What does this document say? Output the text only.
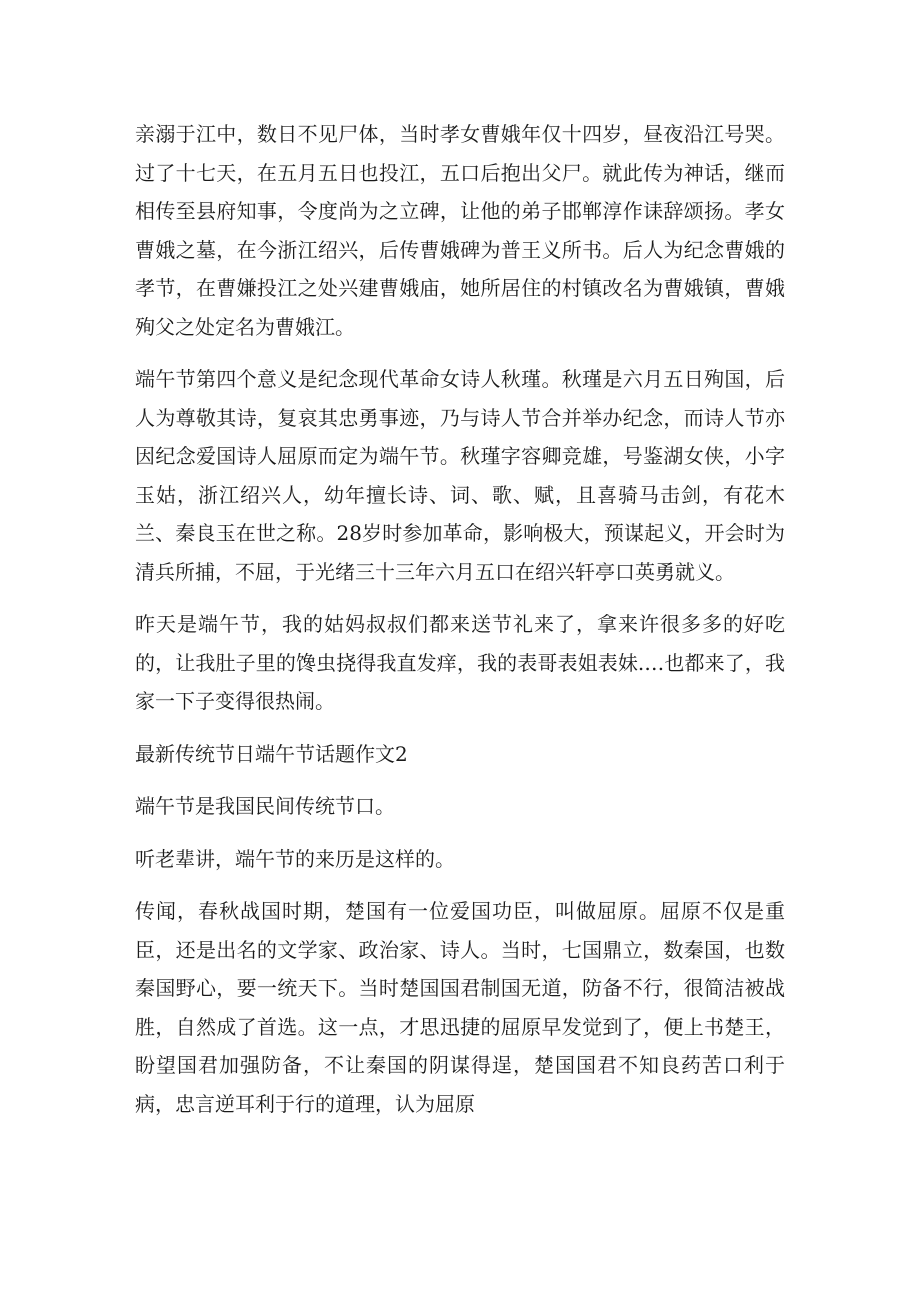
亲溺于江中，数日不见尸体，当时孝女曹娥年仅十四岁，昼夜沿江号哭。过了十七天，在五月五日也投江，五口后抱出父尸。就此传为神话，继而相传至县府知事，令度尚为之立碑，让他的弟子邯郸淳作诔辞颂扬。孝女曹娥之墓，在今浙江绍兴，后传曹娥碑为普王义所书。后人为纪念曹娥的孝节，在曹嫌投江之处兴建曹娥庙，她所居住的村镇改名为曹娥镇，曹娥殉父之处定名为曹娥江。

端午节第四个意义是纪念现代革命女诗人秋瑾。秋瑾是六月五日殉国，后人为尊敬其诗，复哀其忠勇事迹，乃与诗人节合并举办纪念，而诗人节亦因纪念爱国诗人屈原而定为端午节。秋瑾字容卿竞雄，号鉴湖女侠，小字玉姑，浙江绍兴人，幼年擅长诗、词、歌、赋，且喜骑马击剑，有花木兰、秦良玉在世之称。28岁时参加革命，影响极大，预谋起义，开会时为清兵所捕，不屈，于光绪三十三年六月五口在绍兴轩亭口英勇就义。

昨天是端午节，我的姑妈叔叔们都来送节礼来了，拿来许很多多的好吃的，让我肚子里的馋虫挠得我直发痒，我的表哥表姐表妹.…也都来了，我家一下子变得很热闹。

最新传统节日端午节话题作文2

端午节是我国民间传统节口。

听老辈讲，端午节的来历是这样的。

传闻，春秋战国时期，楚国有一位爱国功臣，叫做屈原。屈原不仅是重臣，还是出名的文学家、政治家、诗人。当时，七国鼎立，数秦国，也数秦国野心，要一统天下。当时楚国国君制国无道，防备不行，很简洁被战胜，自然成了首选。这一点，才思迅捷的屈原早发觉到了，便上书楚王，盼望国君加强防备，不让秦国的阴谋得逞，楚国国君不知良药苦口利于病，忠言逆耳利于行的道理，认为屈原
